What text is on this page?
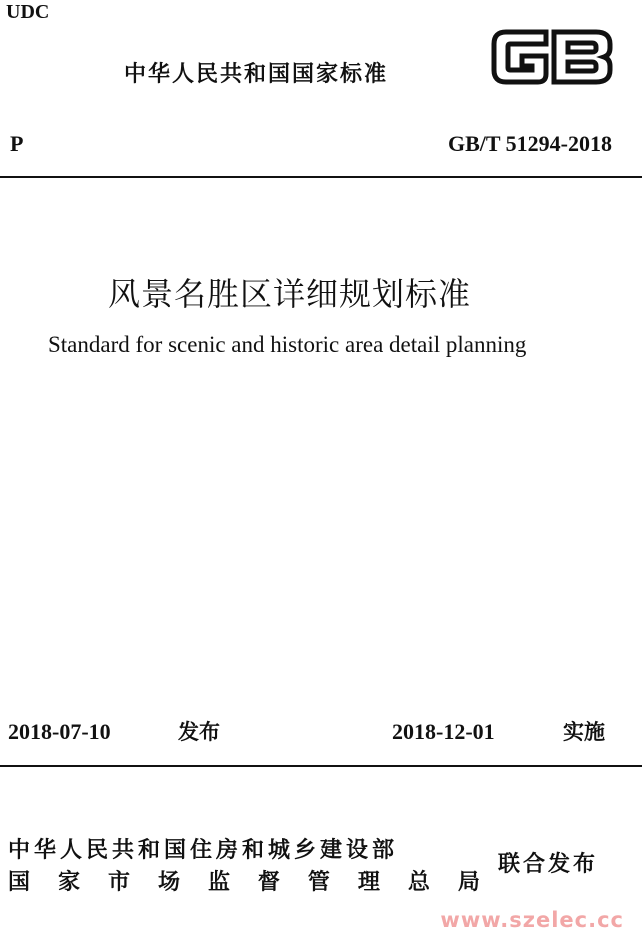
UDC
中华人民共和国国家标准
P	GB/T 51294-2018
风景名胜区详细规划标准
Standard for scenic and historic area detail planning
2018-07-10	发布	2018-12-01	实施
中华人民共和国住房和城乡建设部
国 家 市 场 监 督 管 理 总 局
联合发布
www.szelec.cc
